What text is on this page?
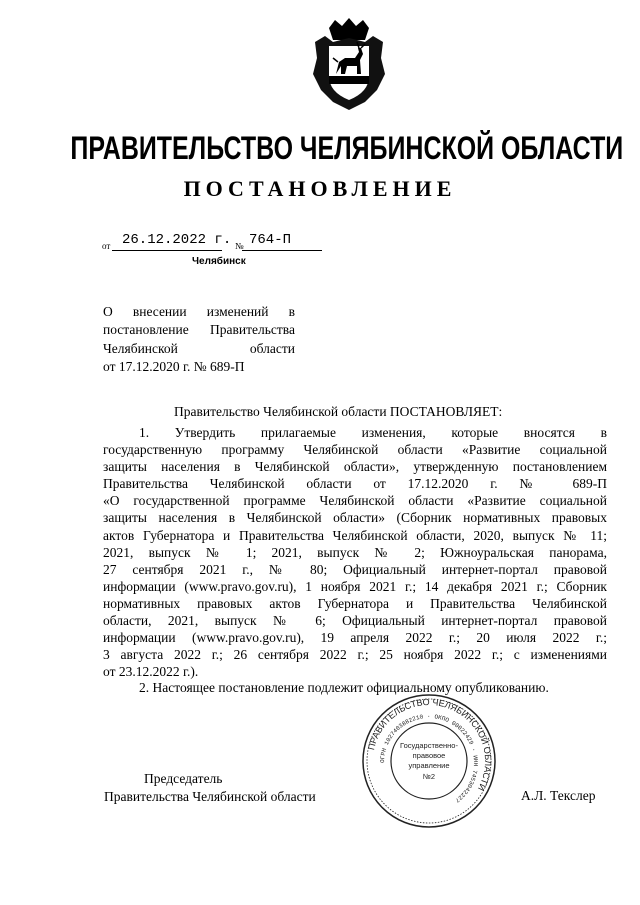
ПРАВИТЕЛЬСТВО ЧЕЛЯБИНСКОЙ ОБЛАСТИ
ПОСТАНОВЛЕНИЕ
от 26.12.2022 г. № 764-П
Челябинск
О внесении изменений в
постановление Правительства
Челябинской области
от 17.12.2020 г. № 689-П
Правительство Челябинской области ПОСТАНОВЛЯЕТ:
1. Утвердить прилагаемые изменения, которые вносятся в
государственную программу Челябинской области «Развитие социальной
защиты населения в Челябинской области», утвержденную постановлением
Правительства Челябинской области от 17.12.2020 г. № 689-П
«О государственной программе Челябинской области «Развитие социальной
защиты населения в Челябинской области» (Сборник нормативных правовых
актов Губернатора и Правительства Челябинской области, 2020, выпуск № 11;
2021, выпуск № 1; 2021, выпуск № 2; Южноуральская панорама,
27 сентября 2021 г., № 80; Официальный интернет-портал правовой
информации (www.pravo.gov.ru), 1 ноября 2021 г.; 14 декабря 2021 г.; Сборник
нормативных правовых актов Губернатора и Правительства Челябинской
области, 2021, выпуск № 6; Официальный интернет-портал правовой
информации (www.pravo.gov.ru), 19 апреля 2022 г.; 20 июля 2022 г.;
3 августа 2022 г.; 26 сентября 2022 г.; 25 ноября 2022 г.; с изменениями
от 23.12.2022 г.).
2. Настоящее постановление подлежит официальному опубликованию.
Председатель
Правительства Челябинской области	А.Л. Текслер
ПРАВИТЕЛЬСТВО ЧЕЛЯБИНСКОЙ ОБЛАСТИ
ОГРН 1027403882210 · ОКПО 00022429 · ИНН 7453042227
Государственно-
правовое
управление
№2
